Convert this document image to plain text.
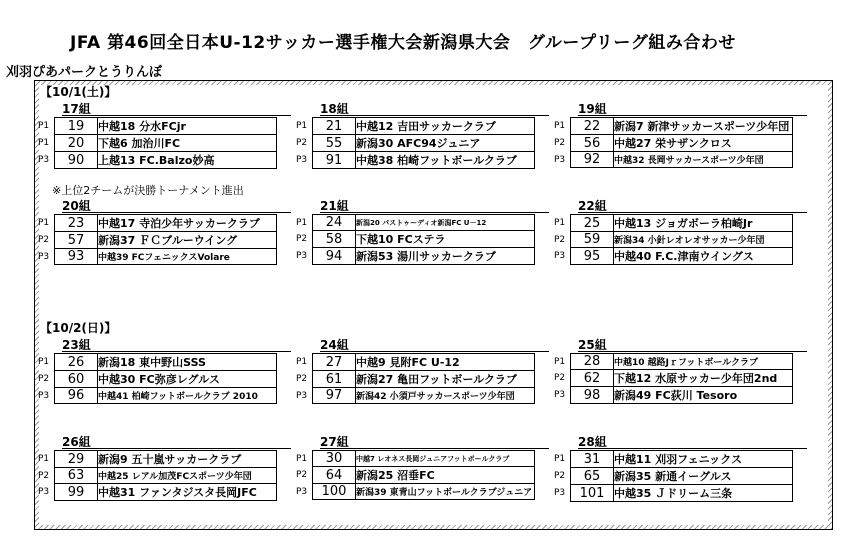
JFA 第46回全日本U-12サッカー選手権大会新潟県大会　グループリーグ組み合わせ
刈羽ぴあパークとうりんぼ
【10/1(土)】
※上位2チームが決勝トーナメント進出
【10/2(日)】
17組
P1	19	中越18 分水FCjr
P1	20	下越6 加治川FC
P3	90	上越13 FC.Balzo妙高
18組
P1	21	中越12 吉田サッカークラブ
P2	55	新潟30 AFC94ジュニア
P3	91	中越38 柏崎フットボールクラブ
19組
P1	22	新潟7 新津サッカースポーツ少年団
P2	56	中越27 栄サザンクロス
P3	92	中越32 長岡サッカースポーツ少年団
20組
P1	23	中越17 寺泊少年サッカークラブ
P2	57	新潟37 ＦＣブルーウイング
P3	93	中越39 FCフェニックスVolare
21組
P1	24	新潟20 パストゥーディオ新潟FC U－12
P2	58	下越10 FCステラ
P3	94	新潟53 湯川サッカークラブ
22組
P1	25	中越13 ジョガボーラ柏崎Jr
P2	59	新潟34 小針レオレオサッカー少年団
P3	95	中越40 F.C.津南ウイングス
23組
P1	26	新潟18 東中野山SSS
P2	60	中越30 FC弥彦レグルス
P3	96	中越41 柏崎フットボールクラブ 2010
24組
P1	27	中越9 見附FC U-12
P2	61	新潟27 亀田フットボールクラブ
P3	97	新潟42 小須戸サッカースポーツ少年団
25組
P1	28	中越10 越路Jｒフットボールクラブ
P2	62	下越12 水原サッカー少年団2nd
P3	98	新潟49 FC荻川 Tesoro
26組
P1	29	新潟9 五十嵐サッカークラブ
P2	63	中越25 レアル加茂FCスポーツ少年団
P3	99	中越31 ファンタジスタ長岡JFC
27組
P1	30	中越7 レオネス長岡ジュニアフットボールクラブ
P2	64	新潟25 沼垂FC
P3	100	新潟39 東青山フットボールクラブジュニア
28組
P1	31	中越11 刈羽フェニックス
P2	65	新潟35 新通イーグルス
P3	101	中越35 Ｊドリーム三条
